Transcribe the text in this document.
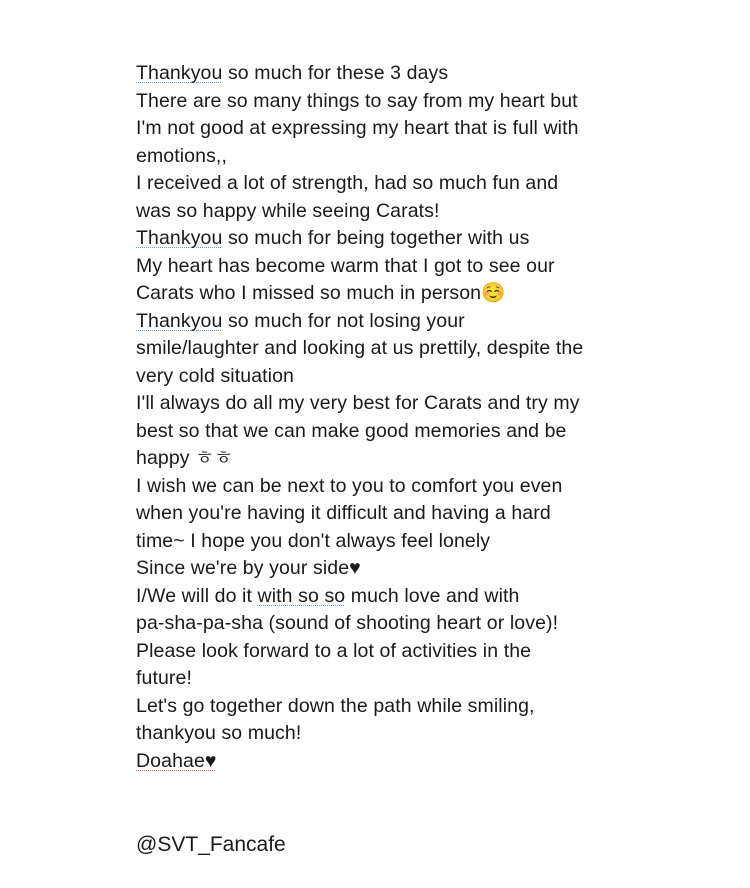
Thankyou so much for these 3 days

There are so many things to say from my heart but

I'm not good at expressing my heart that is full with

emotions,,

I received a lot of strength, had so much fun and

was so happy while seeing Carats!

Thankyou so much for being together with us

My heart has become warm that I got to see our

Carats who I missed so much in person☺️

Thankyou so much for not losing your

smile/laughter and looking at us prettily, despite the

very cold situation

I'll always do all my very best for Carats and try my

best so that we can make good memories and be

happy ㅎㅎ

I wish we can be next to you to comfort you even

when you're having it difficult and having a hard

time~ I hope you don't always feel lonely

Since we're by your side♥

I/We will do it with so so much love and with

pa-sha-pa-sha (sound of shooting heart or love)!

Please look forward to a lot of activities in the

future!

Let's go together down the path while smiling,

thankyou so much!

Doahae♥

@SVT_Fancafe
